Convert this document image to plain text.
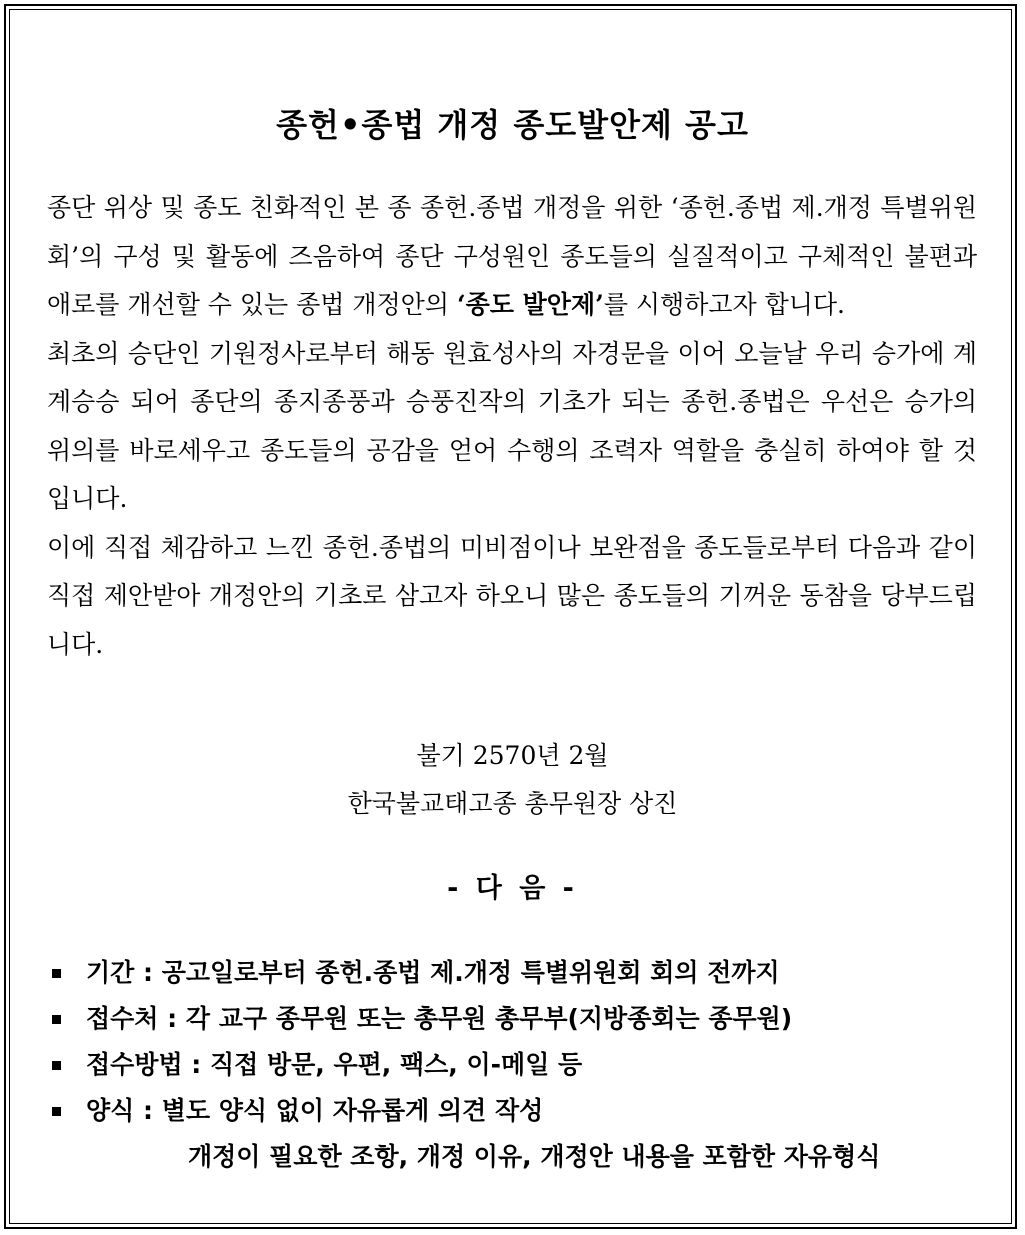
종헌•종법 개정 종도발안제 공고

종단 위상 및 종도 친화적인 본 종 종헌.종법 개정을 위한 ‘종헌.종법 제.개정 특별위원회’의 구성 및 활동에 즈음하여 종단 구성원인 종도들의 실질적이고 구체적인 불편과 애로를 개선할 수 있는 종법 개정안의 ‘종도 발안제’를 시행하고자 합니다.

최초의 승단인 기원정사로부터 해동 원효성사의 자경문을 이어 오늘날 우리 승가에 계계승승 되어 종단의 종지종풍과 승풍진작의 기초가 되는 종헌.종법은 우선은 승가의 위의를 바로세우고 종도들의 공감을 얻어 수행의 조력자 역할을 충실히 하여야 할 것입니다.

이에 직접 체감하고 느낀 종헌.종법의 미비점이나 보완점을 종도들로부터 다음과 같이 직접 제안받아 개정안의 기초로 삼고자 하오니 많은 종도들의 기꺼운 동참을 당부드립니다.

불기 2570년 2월
한국불교태고종 총무원장 상진
- 다 음 -
기간 : 공고일로부터 종헌.종법 제.개정 특별위원회 회의 전까지
접수처 : 각 교구 종무원 또는 총무원 총무부(지방종회는 종무원)
접수방법 : 직접 방문, 우편, 팩스, 이-메일 등
양식 : 별도 양식 없이 자유롭게 의견 작성
개정이 필요한 조항, 개정 이유, 개정안 내용을 포함한 자유형식
